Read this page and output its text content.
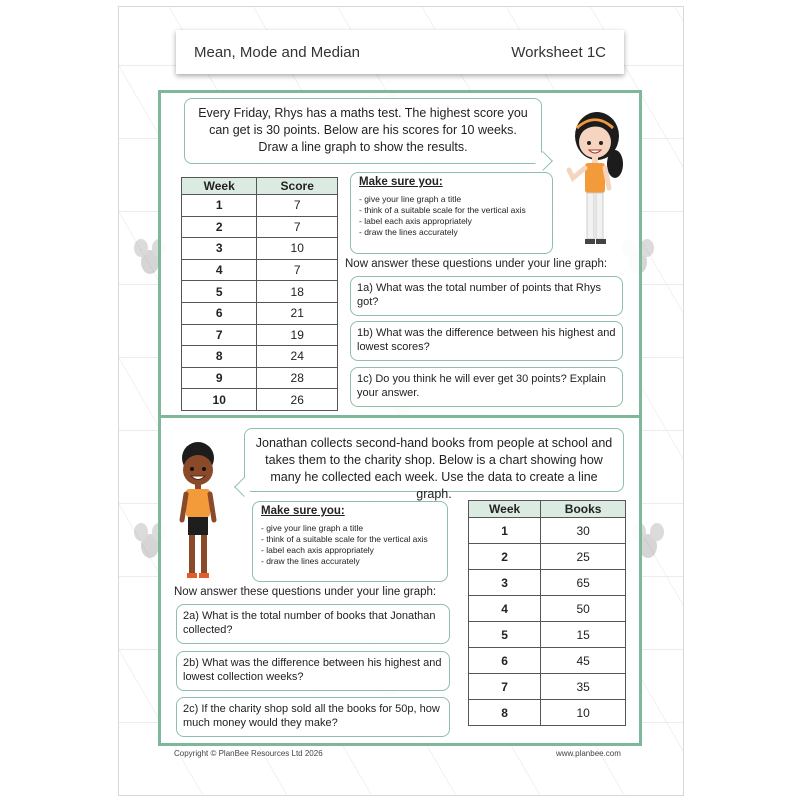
Mean, Mode and Median	Worksheet 1C
Every Friday, Rhys has a maths test. The highest score you can get is 30 points. Below are his scores for 10 weeks. Draw a line graph to show the results.
Week	Score
1	7
2	7
3	10
4	7
5	18
6	21
7	19
8	24
9	28
10	26
Make sure you:
- give your line graph a title
- think of a suitable scale for the vertical axis
- label each axis appropriately
- draw the lines accurately
Now answer these questions under your line graph:
1a) What was the total number of points that Rhys got?
1b) What was the difference between his highest and lowest scores?
1c) Do you think he will ever get 30 points? Explain your answer.
Jonathan collects second-hand books from people at school and takes them to the charity shop. Below is a chart showing how many he collected each week. Use the data to create a line graph.
Make sure you:
- give your line graph a title
- think of a suitable scale for the vertical axis
- label each axis appropriately
- draw the lines accurately
Week	Books
1	30
2	25
3	65
4	50
5	15
6	45
7	35
8	10
Now answer these questions under your line graph:
2a) What is the total number of books that Jonathan collected?
2b) What was the difference between his highest and lowest collection weeks?
2c) If the charity shop sold all the books for 50p, how much money would they make?
Copyright © PlanBee Resources Ltd 2026	www.planbee.com
